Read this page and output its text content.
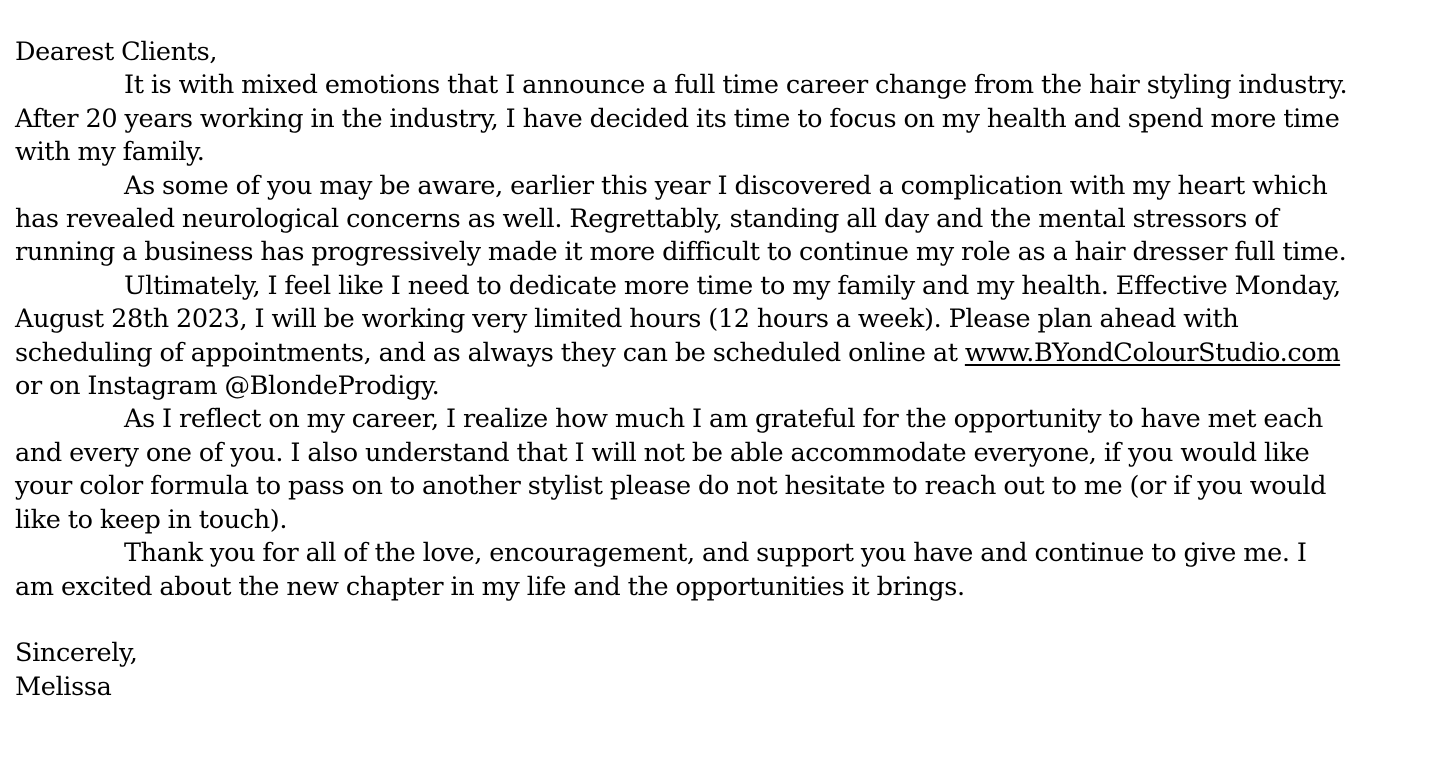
Dearest Clients,
It is with mixed emotions that I announce a full time career change from the hair styling industry.
After 20 years working in the industry, I have decided its time to focus on my health and spend more time
with my family.
As some of you may be aware, earlier this year I discovered a complication with my heart which
has revealed neurological concerns as well. Regrettably, standing all day and the mental stressors of
running a business has progressively made it more difficult to continue my role as a hair dresser full time.
Ultimately, I feel like I need to dedicate more time to my family and my health. Effective Monday,
August 28th 2023, I will be working very limited hours (12 hours a week). Please plan ahead with
scheduling of appointments, and as always they can be scheduled online at www.BYondColourStudio.com
or on Instagram @BlondeProdigy.
As I reflect on my career, I realize how much I am grateful for the opportunity to have met each
and every one of you. I also understand that I will not be able accommodate everyone, if you would like
your color formula to pass on to another stylist please do not hesitate to reach out to me (or if you would
like to keep in touch).
Thank you for all of the love, encouragement, and support you have and continue to give me. I
am excited about the new chapter in my life and the opportunities it brings.
Sincerely,
Melissa
